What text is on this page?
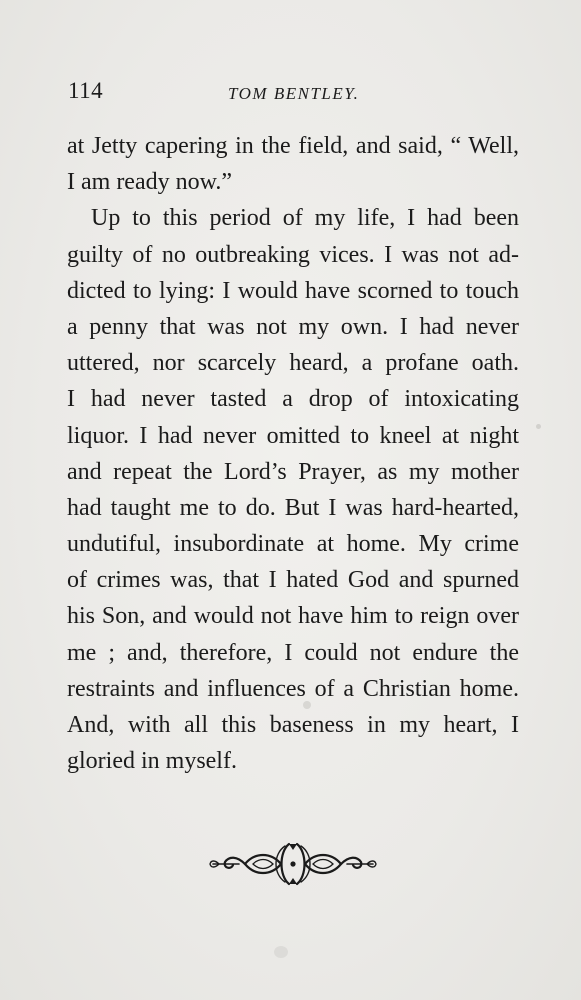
114	TOM BENTLEY.
at Jetty capering in the field, and said, “ Well,
I am ready now.”
Up to this period of my life, I had been
guilty of no outbreaking vices. I was not ad-
dicted to lying: I would have scorned to touch
a penny that was not my own. I had never
uttered, nor scarcely heard, a profane oath.
I had never tasted a drop of intoxicating
liquor. I had never omitted to kneel at night
and repeat the Lord’s Prayer, as my mother
had taught me to do. But I was hard-hearted,
undutiful, insubordinate at home. My crime
of crimes was, that I hated God and spurned
his Son, and would not have him to reign over
me ; and, therefore, I could not endure the
restraints and influences of a Christian home.
And, with all this baseness in my heart, I
gloried in myself.
